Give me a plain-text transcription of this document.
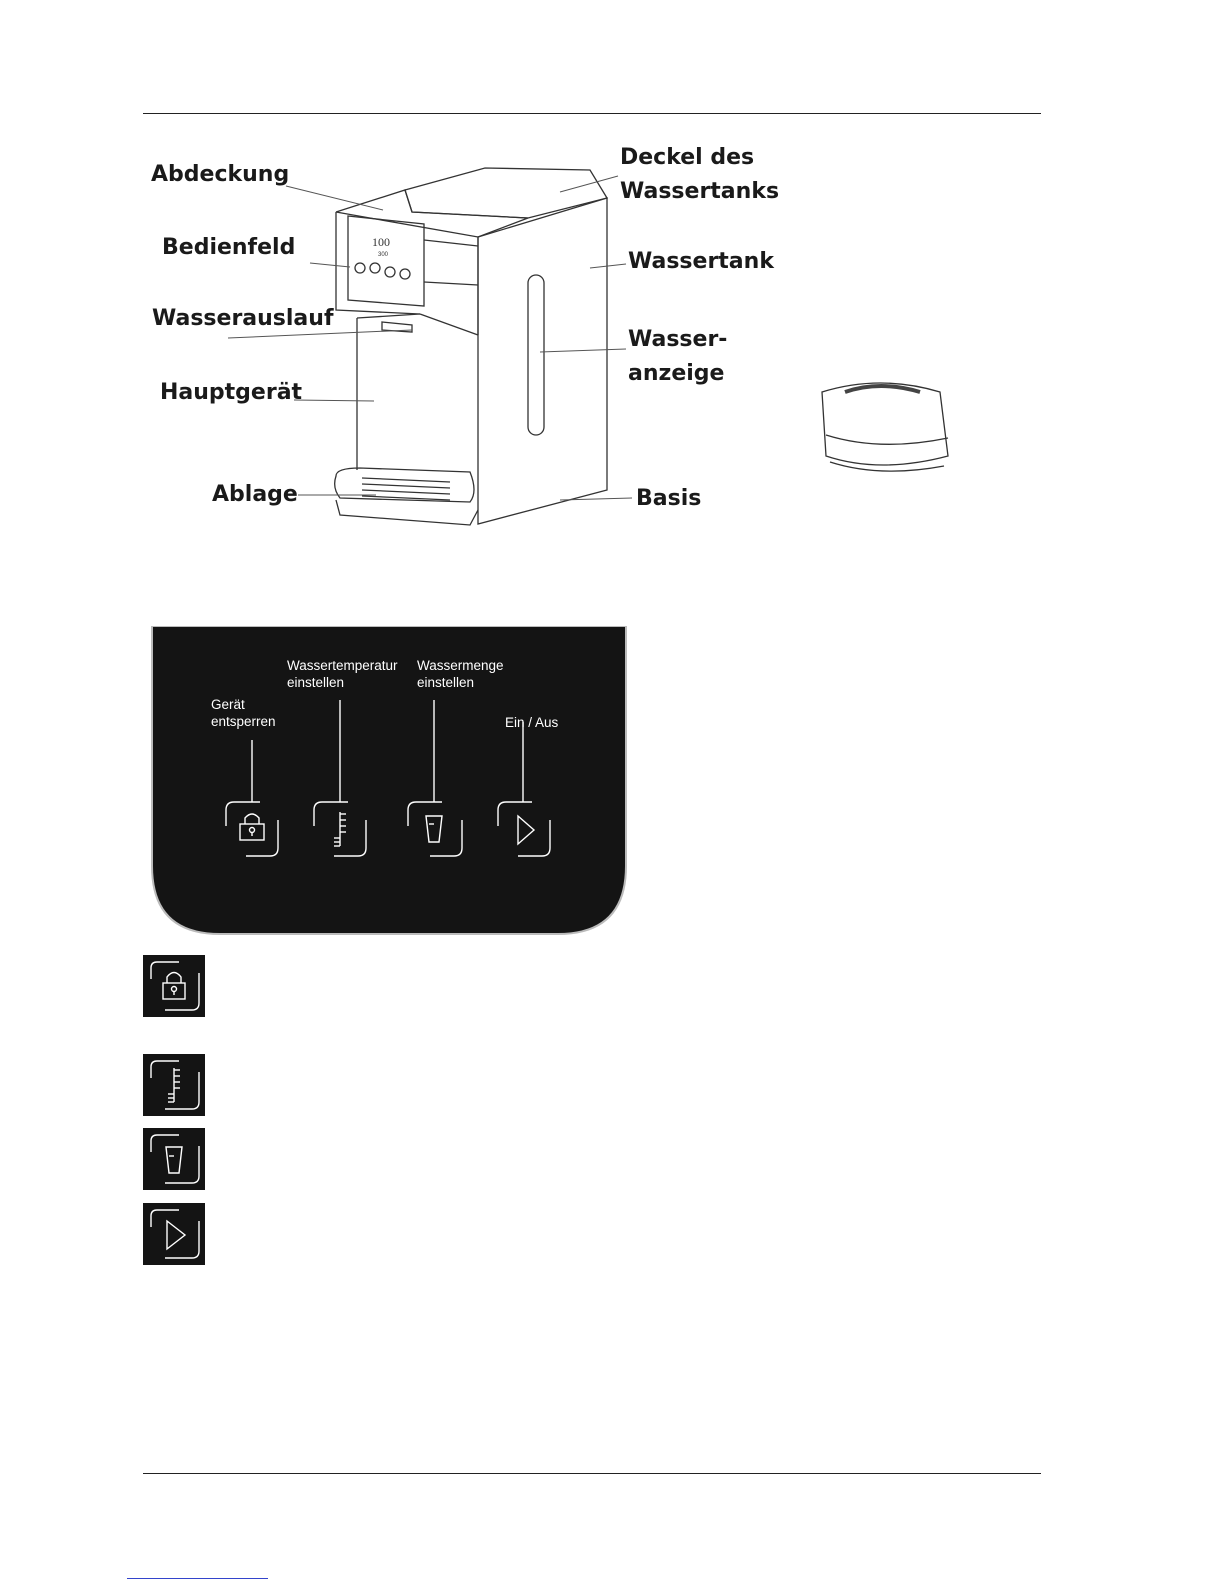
100
300
Abdeckung
Deckel des
Wassertanks
Bedienfeld
Wassertank
Wasserauslauf
Wasser-
anzeige
Hauptgerät
Ablage	Basis
Gerät
entsperren
Wassertemperatur
einstellen
Wassermenge
einstellen
Ein / Aus
